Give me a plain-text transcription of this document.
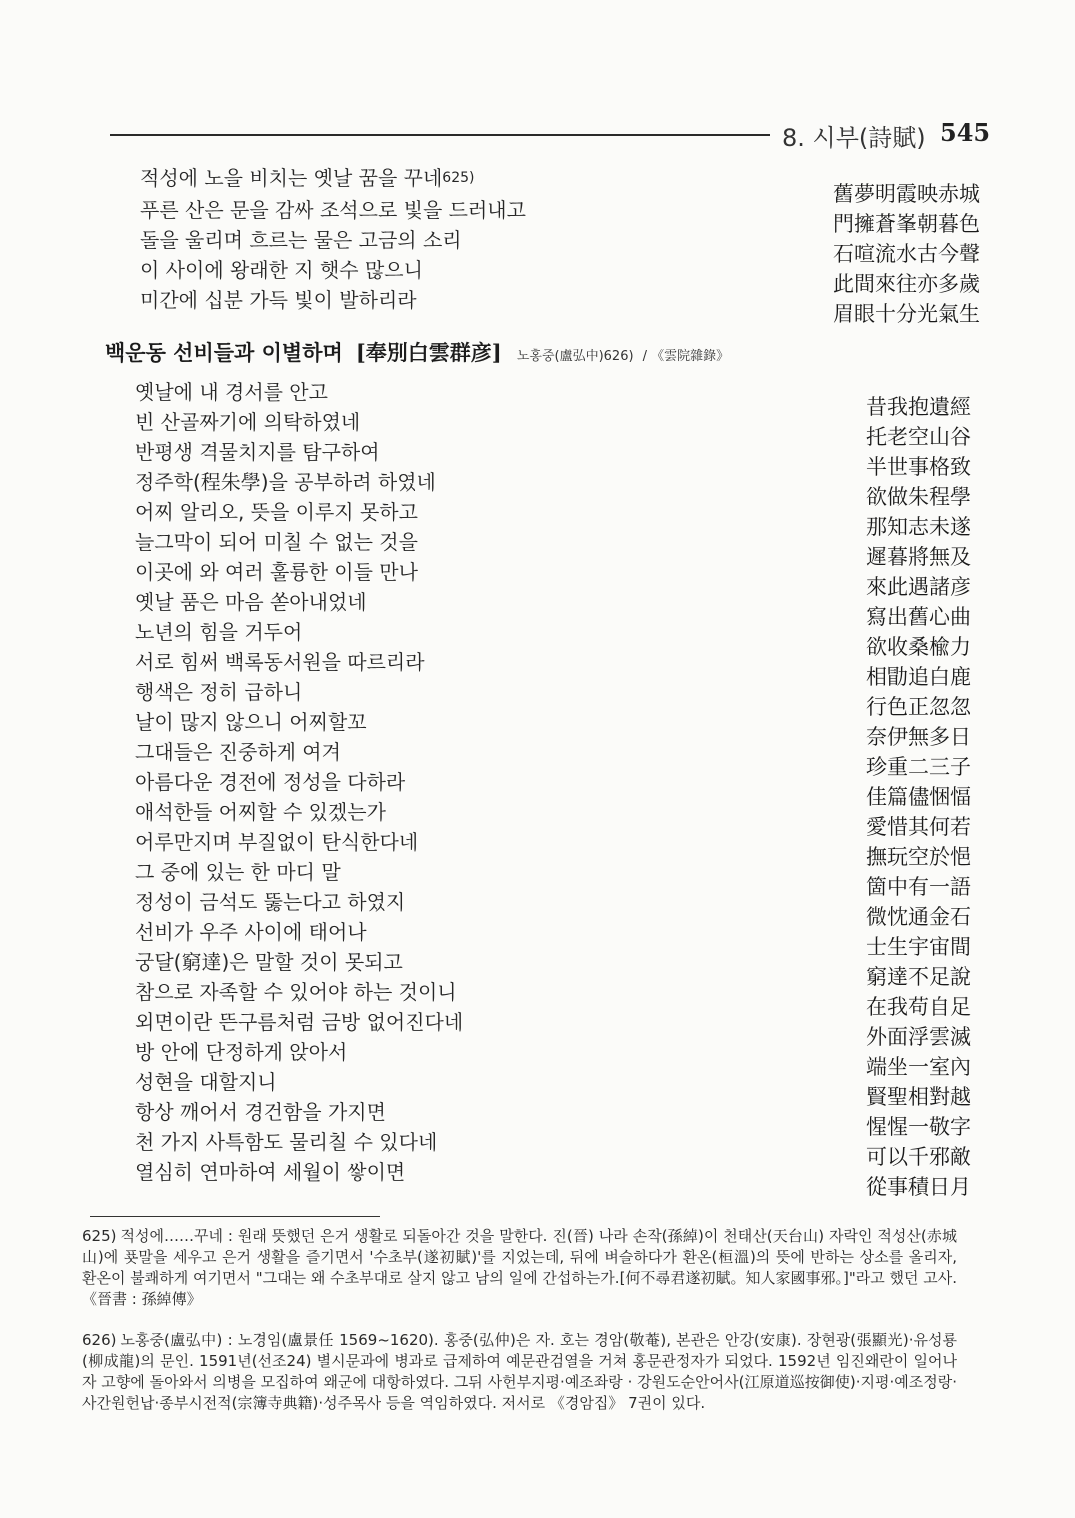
8. 시부(詩賦) 545
적성에 노을 비치는 옛날 꿈을 꾸네$^{625)}$
푸른 산은 문을 감싸 조석으로 빛을 드러내고
돌을 울리며 흐르는 물은 고금의 소리
이 사이에 왕래한 지 햇수 많으니
미간에 십분 가득 빛이 발하리라
舊夢明霞映赤城
門擁蒼峯朝暮色
石喧流水古今聲
此間來往亦多歲
眉眼十分光氣生
백운동 선비들과 이별하며 [奉別白雲群彦] 노홍중(盧弘中)626) / 《雲院雜錄》
옛날에 내 경서를 안고
빈 산골짜기에 의탁하였네
반평생 격물치지를 탐구하여
정주학(程朱學)을 공부하려 하였네
어찌 알리오, 뜻을 이루지 못하고
늘그막이 되어 미칠 수 없는 것을
이곳에 와 여러 훌륭한 이들 만나
옛날 품은 마음 쏟아내었네
노년의 힘을 거두어
서로 힘써 백록동서원을 따르리라
행색은 정히 급하니
날이 많지 않으니 어찌할꼬
그대들은 진중하게 여겨
아름다운 경전에 정성을 다하라
애석한들 어찌할 수 있겠는가
어루만지며 부질없이 탄식한다네
그 중에 있는 한 마디 말
정성이 금석도 뚫는다고 하였지
선비가 우주 사이에 태어나
궁달(窮達)은 말할 것이 못되고
참으로 자족할 수 있어야 하는 것이니
외면이란 뜬구름처럼 금방 없어진다네
방 안에 단정하게 앉아서
성현을 대할지니
항상 깨어서 경건함을 가지면
천 가지 사특함도 물리칠 수 있다네
열심히 연마하여 세월이 쌓이면
昔我抱遺經
托老空山谷
半世事格致
欲做朱程學
那知志未遂
遲暮將無及
來此遇諸彦
寫出舊心曲
欲收桑楡力
相勖追白鹿
行色正忽忽
奈伊無多日
珍重二三子
佳篇儘悃愊
愛惜其何若
撫玩空於悒
箇中有一語
微忱通金石
士生宇宙間
窮達不足說
在我苟自足
外面浮雲滅
端坐一室內
賢聖相對越
惺惺一敬字
可以千邪敵
從事積日月
625) 적성에……꾸네 : 원래 뜻했던 은거 생활로 되돌아간 것을 말한다. 진(晉) 나라 손작(孫綽)이 천태산(天台山) 자락인 적성산(赤城山)에 푯말을 세우고 은거 생활을 즐기면서 '수초부(遂初賦)'를 지었는데, 뒤에 벼슬하다가 환온(桓溫)의 뜻에 반하는 상소를 올리자, 환온이 불쾌하게 여기면서 "그대는 왜 수초부대로 살지 않고 남의 일에 간섭하는가.[何不尋君遂初賦。知人家國事邪。]"라고 했던 고사. 《晉書 : 孫綽傳》
626) 노홍중(盧弘中) : 노경임(盧景任 1569~1620). 홍중(弘仲)은 자. 호는 경암(敬菴), 본관은 안강(安康). 장현광(張顯光)·유성룡(柳成龍)의 문인. 1591년(선조24) 별시문과에 병과로 급제하여 예문관검열을 거쳐 홍문관정자가 되었다. 1592년 임진왜란이 일어나자 고향에 돌아와서 의병을 모집하여 왜군에 대항하였다. 그뒤 사헌부지평·예조좌랑 · 강원도순안어사(江原道巡按御使)·지평·예조정랑·사간원헌납·종부시전적(宗簿寺典籍)·성주목사 등을 역임하였다. 저서로 《경암집》 7권이 있다.
